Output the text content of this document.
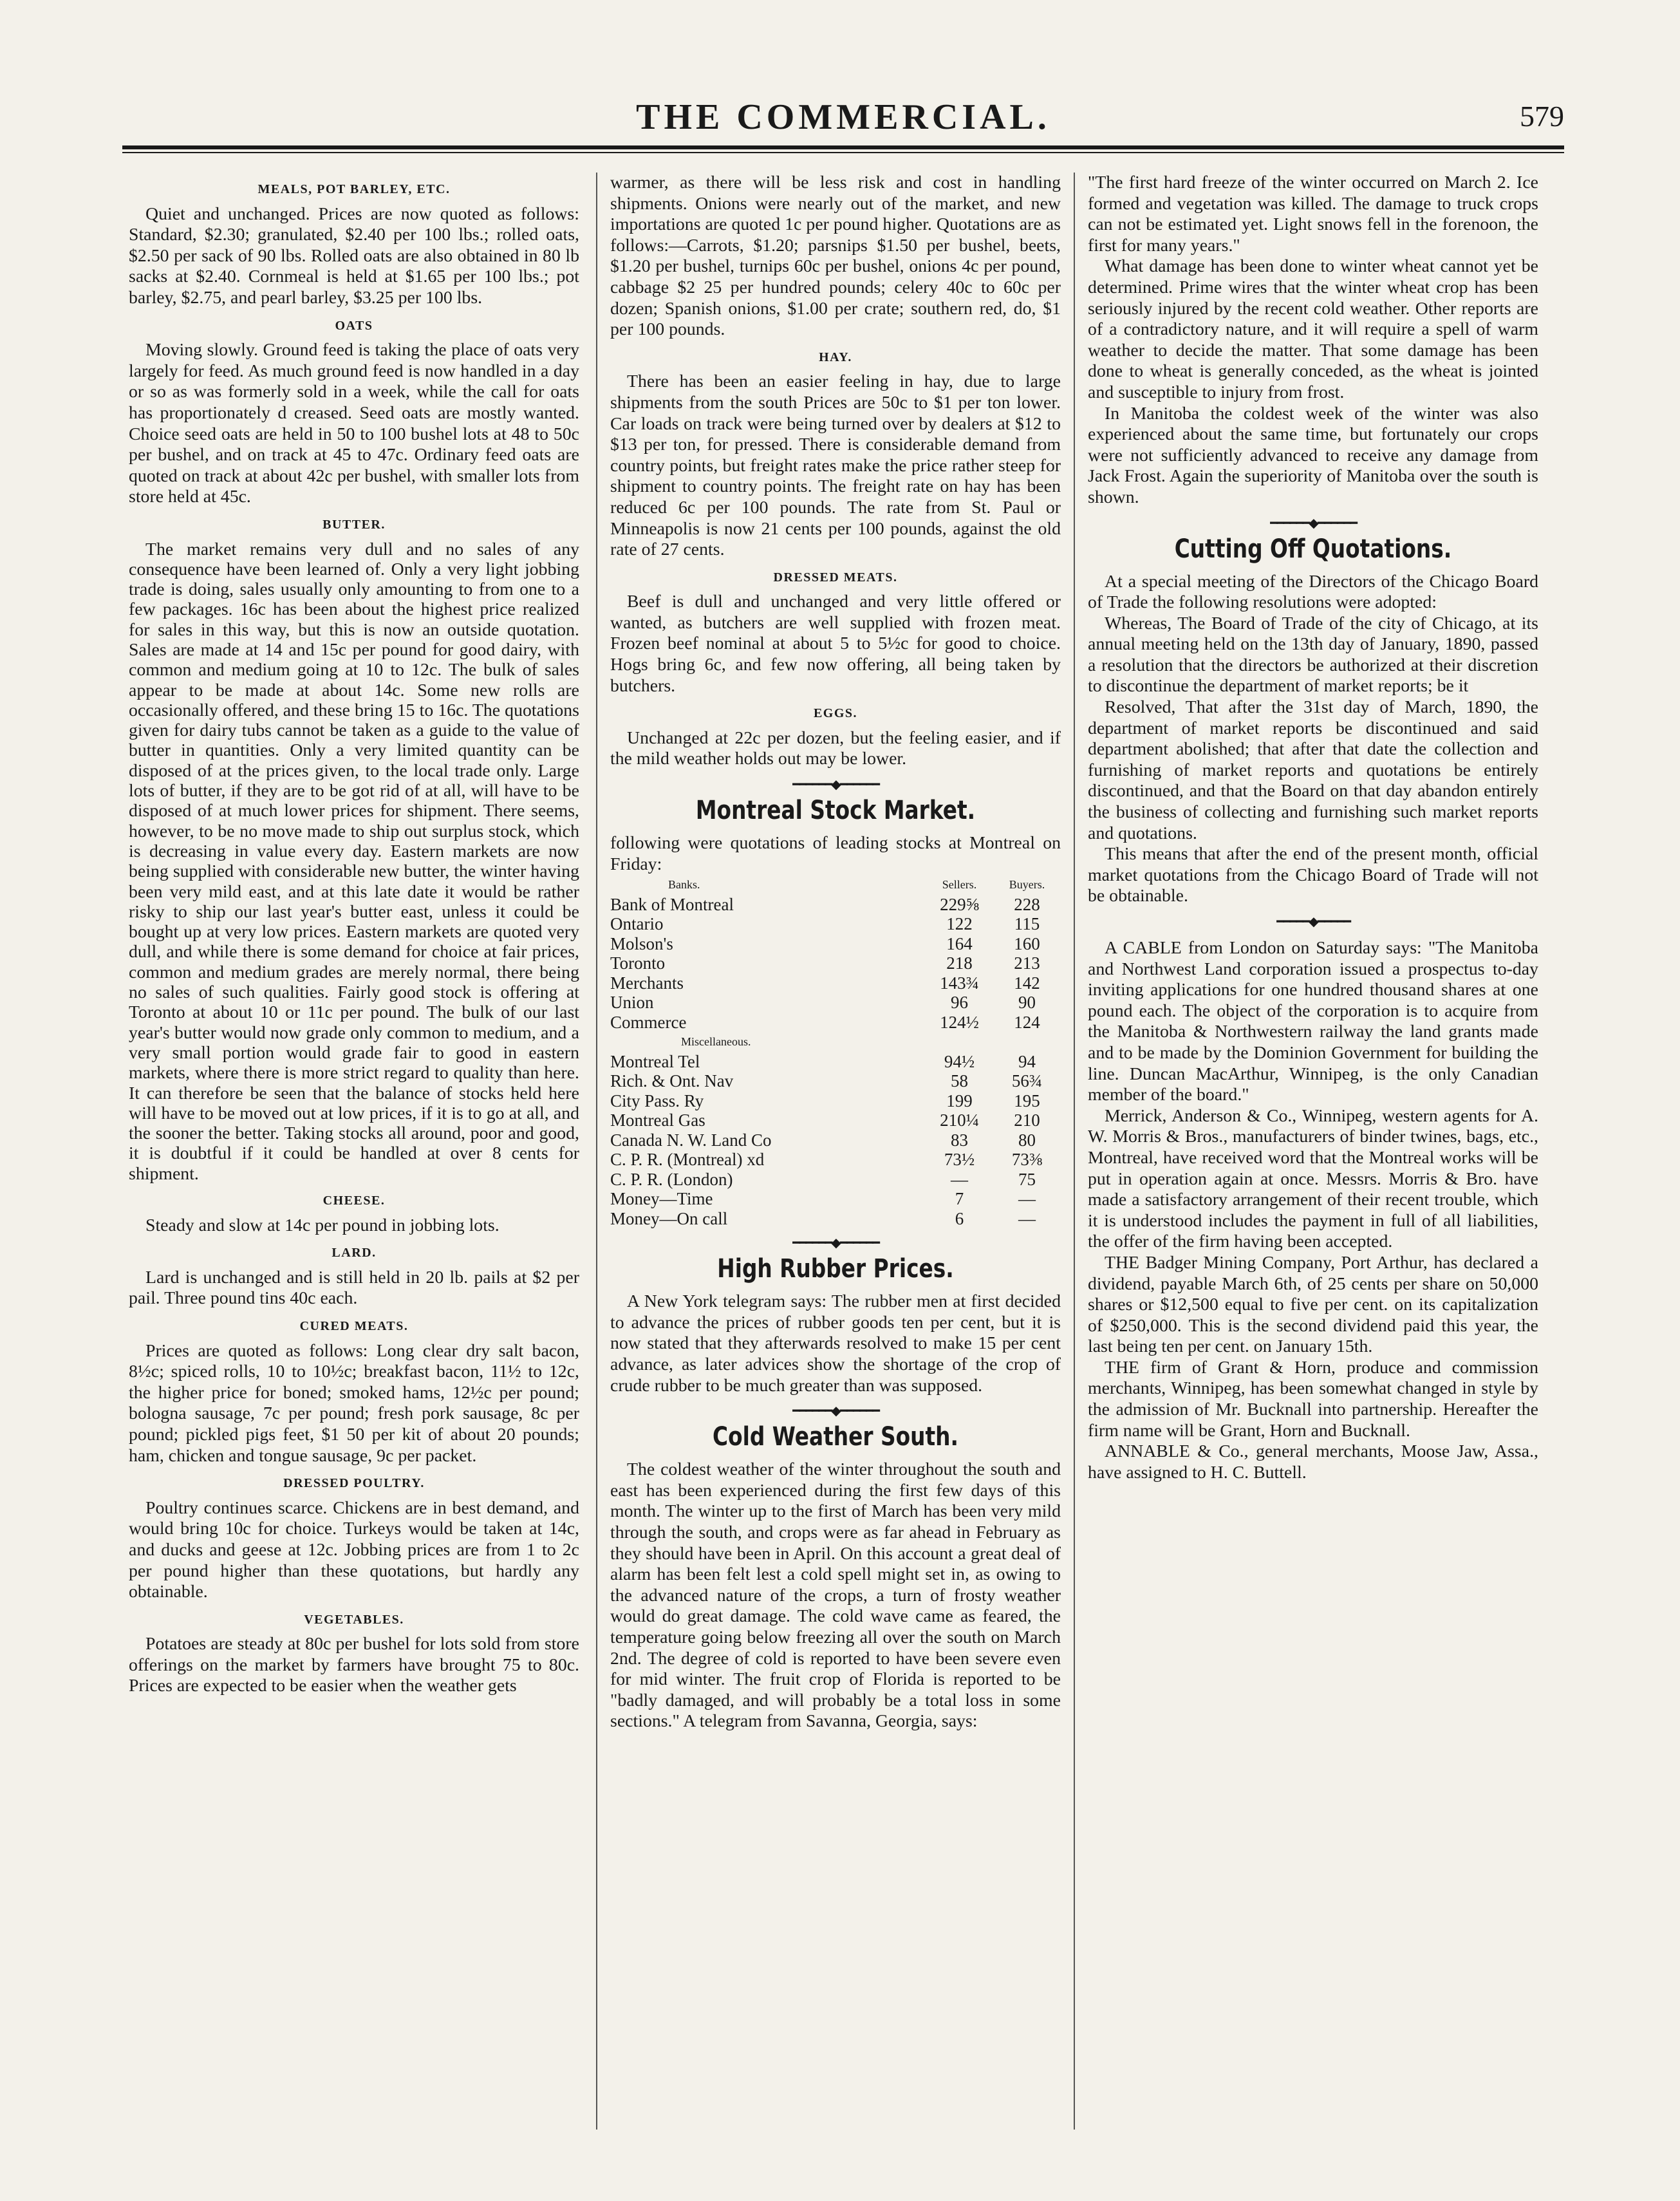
THE COMMERCIAL.	579
MEALS, POT BARLEY, ETC.

Quiet and unchanged. Prices are now quoted as follows: Standard, $2.30; granulated, $2.40 per 100 lbs.; rolled oats, $2.50 per sack of 90 lbs. Rolled oats are also obtained in 80 lb sacks at $2.40. Cornmeal is held at $1.65 per 100 lbs.; pot barley, $2.75, and pearl barley, $3.25 per 100 lbs.

OATS

Moving slowly. Ground feed is taking the place of oats very largely for feed. As much ground feed is now handled in a day or so as was formerly sold in a week, while the call for oats has proportionately d creased. Seed oats are mostly wanted. Choice seed oats are held in 50 to 100 bushel lots at 48 to 50c per bushel, and on track at 45 to 47c. Ordinary feed oats are quoted on track at about 42c per bushel, with smaller lots from store held at 45c.

BUTTER.

The market remains very dull and no sales of any consequence have been learned of. Only a very light jobbing trade is doing, sales usually only amounting to from one to a few packages. 16c has been about the highest price realized for sales in this way, but this is now an outside quotation. Sales are made at 14 and 15c per pound for good dairy, with common and medium going at 10 to 12c. The bulk of sales appear to be made at about 14c. Some new rolls are occasionally offered, and these bring 15 to 16c. The quotations given for dairy tubs cannot be taken as a guide to the value of butter in quantities. Only a very limited quantity can be disposed of at the prices given, to the local trade only. Large lots of butter, if they are to be got rid of at all, will have to be disposed of at much lower prices for shipment. There seems, however, to be no move made to ship out surplus stock, which is decreasing in value every day. Eastern markets are now being supplied with considerable new butter, the winter having been very mild east, and at this late date it would be rather risky to ship our last year's butter east, unless it could be bought up at very low prices. Eastern markets are quoted very dull, and while there is some demand for choice at fair prices, common and medium grades are merely normal, there being no sales of such qualities. Fairly good stock is offering at Toronto at about 10 or 11c per pound. The bulk of our last year's butter would now grade only common to medium, and a very small portion would grade fair to good in eastern markets, where there is more strict regard to quality than here. It can therefore be seen that the balance of stocks held here will have to be moved out at low prices, if it is to go at all, and the sooner the better. Taking stocks all around, poor and good, it is doubtful if it could be handled at over 8 cents for shipment.

CHEESE.

Steady and slow at 14c per pound in jobbing lots.

LARD.

Lard is unchanged and is still held in 20 lb. pails at $2 per pail. Three pound tins 40c each.

CURED MEATS.

Prices are quoted as follows: Long clear dry salt bacon, 8½c; spiced rolls, 10 to 10½c; breakfast bacon, 11½ to 12c, the higher price for boned; smoked hams, 12½c per pound; bologna sausage, 7c per pound; fresh pork sausage, 8c per pound; pickled pigs feet, $1 50 per kit of about 20 pounds; ham, chicken and tongue sausage, 9c per packet.

DRESSED POULTRY.

Poultry continues scarce. Chickens are in best demand, and would bring 10c for choice. Turkeys would be taken at 14c, and ducks and geese at 12c. Jobbing prices are from 1 to 2c per pound higher than these quotations, but hardly any obtainable.

VEGETABLES.

Potatoes are steady at 80c per bushel for lots sold from store offerings on the market by farmers have brought 75 to 80c. Prices are expected to be easier when the weather gets

warmer, as there will be less risk and cost in handling shipments. Onions were nearly out of the market, and new importations are quoted 1c per pound higher. Quotations are as follows:—Carrots, $1.20; parsnips $1.50 per bushel, beets, $1.20 per bushel, turnips 60c per bushel, onions 4c per pound, cabbage $2 25 per hundred pounds; celery 40c to 60c per dozen; Spanish onions, $1.00 per crate; southern red, do, $1 per 100 pounds.

HAY.

There has been an easier feeling in hay, due to large shipments from the south Prices are 50c to $1 per ton lower. Car loads on track were being turned over by dealers at $12 to $13 per ton, for pressed. There is considerable demand from country points, but freight rates make the price rather steep for shipment to country points. The freight rate on hay has been reduced 6c per 100 pounds. The rate from St. Paul or Minneapolis is now 21 cents per 100 pounds, against the old rate of 27 cents.

DRESSED MEATS.

Beef is dull and unchanged and very little offered or wanted, as butchers are well supplied with frozen meat. Frozen beef nominal at about 5 to 5½c for good to choice. Hogs bring 6c, and few now offering, all being taken by butchers.

EGGS.

Unchanged at 22c per dozen, but the feeling easier, and if the mild weather holds out may be lower.

━━━━━━◆━━━━━━
Montreal Stock Market.

following were quotations of leading stocks at Montreal on Friday:

Banks.	Sellers.	Buyers.
Bank of Montreal	229⅝	228
Ontario	122	115
Molson's	164	160
Toronto	218	213
Merchants	143¾	142
Union	96	90
Commerce	124½	124
Miscellaneous.		
Montreal Tel	94½	94
Rich. & Ont. Nav	58	56¾
City Pass. Ry	199	195
Montreal Gas	210¼	210
Canada N. W. Land Co	83	80
C. P. R. (Montreal) xd	73½	73⅜
C. P. R. (London)	—	75
Money—Time	7	—
Money—On call	6	—
━━━━━━◆━━━━━━
High Rubber Prices.

A New York telegram says: The rubber men at first decided to advance the prices of rubber goods ten per cent, but it is now stated that they afterwards resolved to make 15 per cent advance, as later advices show the shortage of the crop of crude rubber to be much greater than was supposed.

━━━━━━◆━━━━━━
Cold Weather South.

The coldest weather of the winter throughout the south and east has been experienced during the first few days of this month. The winter up to the first of March has been very mild through the south, and crops were as far ahead in February as they should have been in April. On this account a great deal of alarm has been felt lest a cold spell might set in, as owing to the advanced nature of the crops, a turn of frosty weather would do great damage. The cold wave came as feared, the temperature going below freezing all over the south on March 2nd. The degree of cold is reported to have been severe even for mid winter. The fruit crop of Florida is reported to be "badly damaged, and will probably be a total loss in some sections." A telegram from Savanna, Georgia, says:

"The first hard freeze of the winter occurred on March 2. Ice formed and vegetation was killed. The damage to truck crops can not be estimated yet. Light snows fell in the forenoon, the first for many years."

What damage has been done to winter wheat cannot yet be determined. Prime wires that the winter wheat crop has been seriously injured by the recent cold weather. Other reports are of a contradictory nature, and it will require a spell of warm weather to decide the matter. That some damage has been done to wheat is generally conceded, as the wheat is jointed and susceptible to injury from frost.

In Manitoba the coldest week of the winter was also experienced about the same time, but fortunately our crops were not sufficiently advanced to receive any damage from Jack Frost. Again the superiority of Manitoba over the south is shown.

━━━━━━◆━━━━━━
Cutting Off Quotations.

At a special meeting of the Directors of the Chicago Board of Trade the following resolutions were adopted:

Whereas, The Board of Trade of the city of Chicago, at its annual meeting held on the 13th day of January, 1890, passed a resolution that the directors be authorized at their discretion to discontinue the department of market reports; be it

Resolved, That after the 31st day of March, 1890, the department of market reports be discontinued and said department abolished; that after that date the collection and furnishing of market reports and quotations be entirely discontinued, and that the Board on that day abandon entirely the business of collecting and furnishing such market reports and quotations.

This means that after the end of the present month, official market quotations from the Chicago Board of Trade will not be obtainable.

━━━━━◆━━━━━

A CABLE from London on Saturday says: "The Manitoba and Northwest Land corporation issued a prospectus to-day inviting applications for one hundred thousand shares at one pound each. The object of the corporation is to acquire from the Manitoba & Northwestern railway the land grants made and to be made by the Dominion Government for building the line. Duncan MacArthur, Winnipeg, is the only Canadian member of the board."

Merrick, Anderson & Co., Winnipeg, western agents for A. W. Morris & Bros., manufacturers of binder twines, bags, etc., Montreal, have received word that the Montreal works will be put in operation again at once. Messrs. Morris & Bro. have made a satisfactory arrangement of their recent trouble, which it is understood includes the payment in full of all liabilities, the offer of the firm having been accepted.

THE Badger Mining Company, Port Arthur, has declared a dividend, payable March 6th, of 25 cents per share on 50,000 shares or $12,500 equal to five per cent. on its capitalization of $250,000. This is the second dividend paid this year, the last being ten per cent. on January 15th.

THE firm of Grant & Horn, produce and commission merchants, Winnipeg, has been somewhat changed in style by the admission of Mr. Bucknall into partnership. Hereafter the firm name will be Grant, Horn and Bucknall.

ANNABLE & Co., general merchants, Moose Jaw, Assa., have assigned to H. C. Buttell.
